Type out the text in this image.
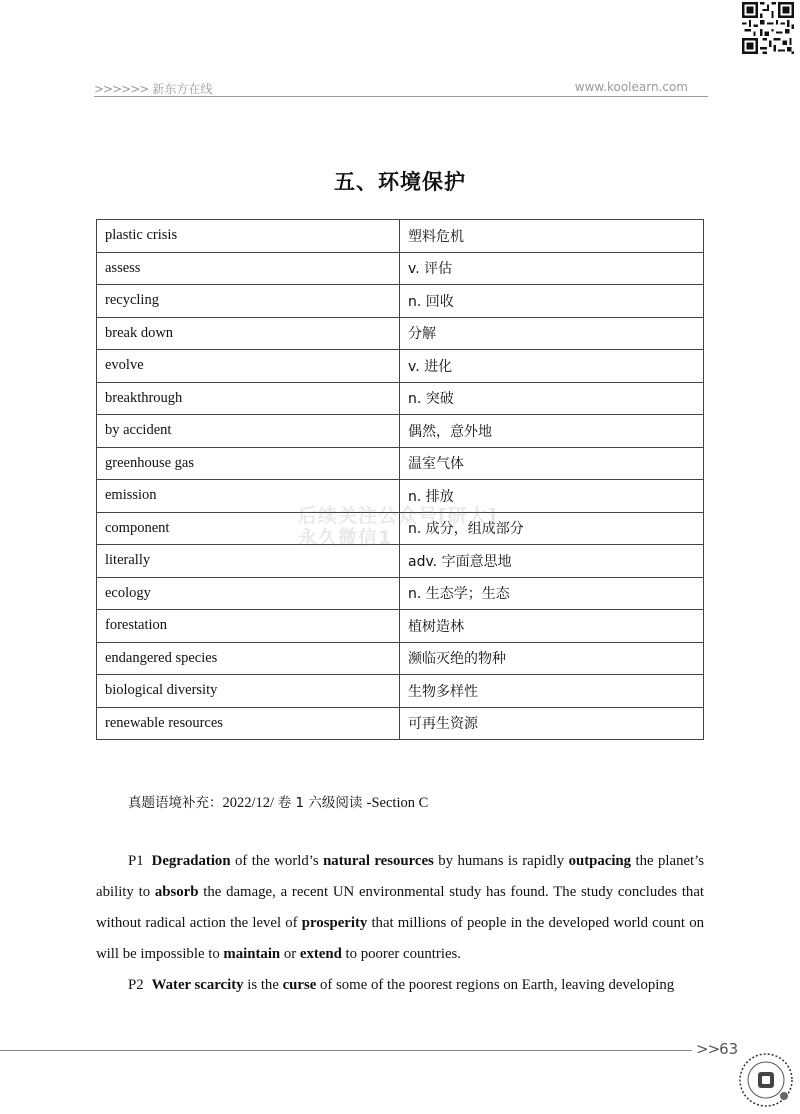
>>>>>> 新东方在线	www.koolearn.com
五、环境保护
plastic crisis	塑料危机
assess	v. 评估
recycling	n. 回收
break down	分解
evolve	v. 进化
breakthrough	n. 突破
by accident	偶然，意外地
greenhouse gas	温室气体
emission	n. 排放
component	n. 成分，组成部分
literally	adv. 字面意思地
ecology	n. 生态学；生态
forestation	植树造林
endangered species	濒临灭绝的物种
biological diversity	生物多样性
renewable resources	可再生资源
后续关注公众号[研大]
永久微信1
真题语境补充：2022/12/ 卷 1 六级阅读 -Section C
P1 Degradation of the world’s natural resources by humans is rapidly outpacing the planet’s ability to absorb the damage, a recent UN environmental study has found. The study concludes that without radical action the level of prosperity that millions of people in the developed world count on will be impossible to maintain or extend to poorer countries.
P2 Water scarcity is the curse of some of the poorest regions on Earth, leaving developing
>>63
